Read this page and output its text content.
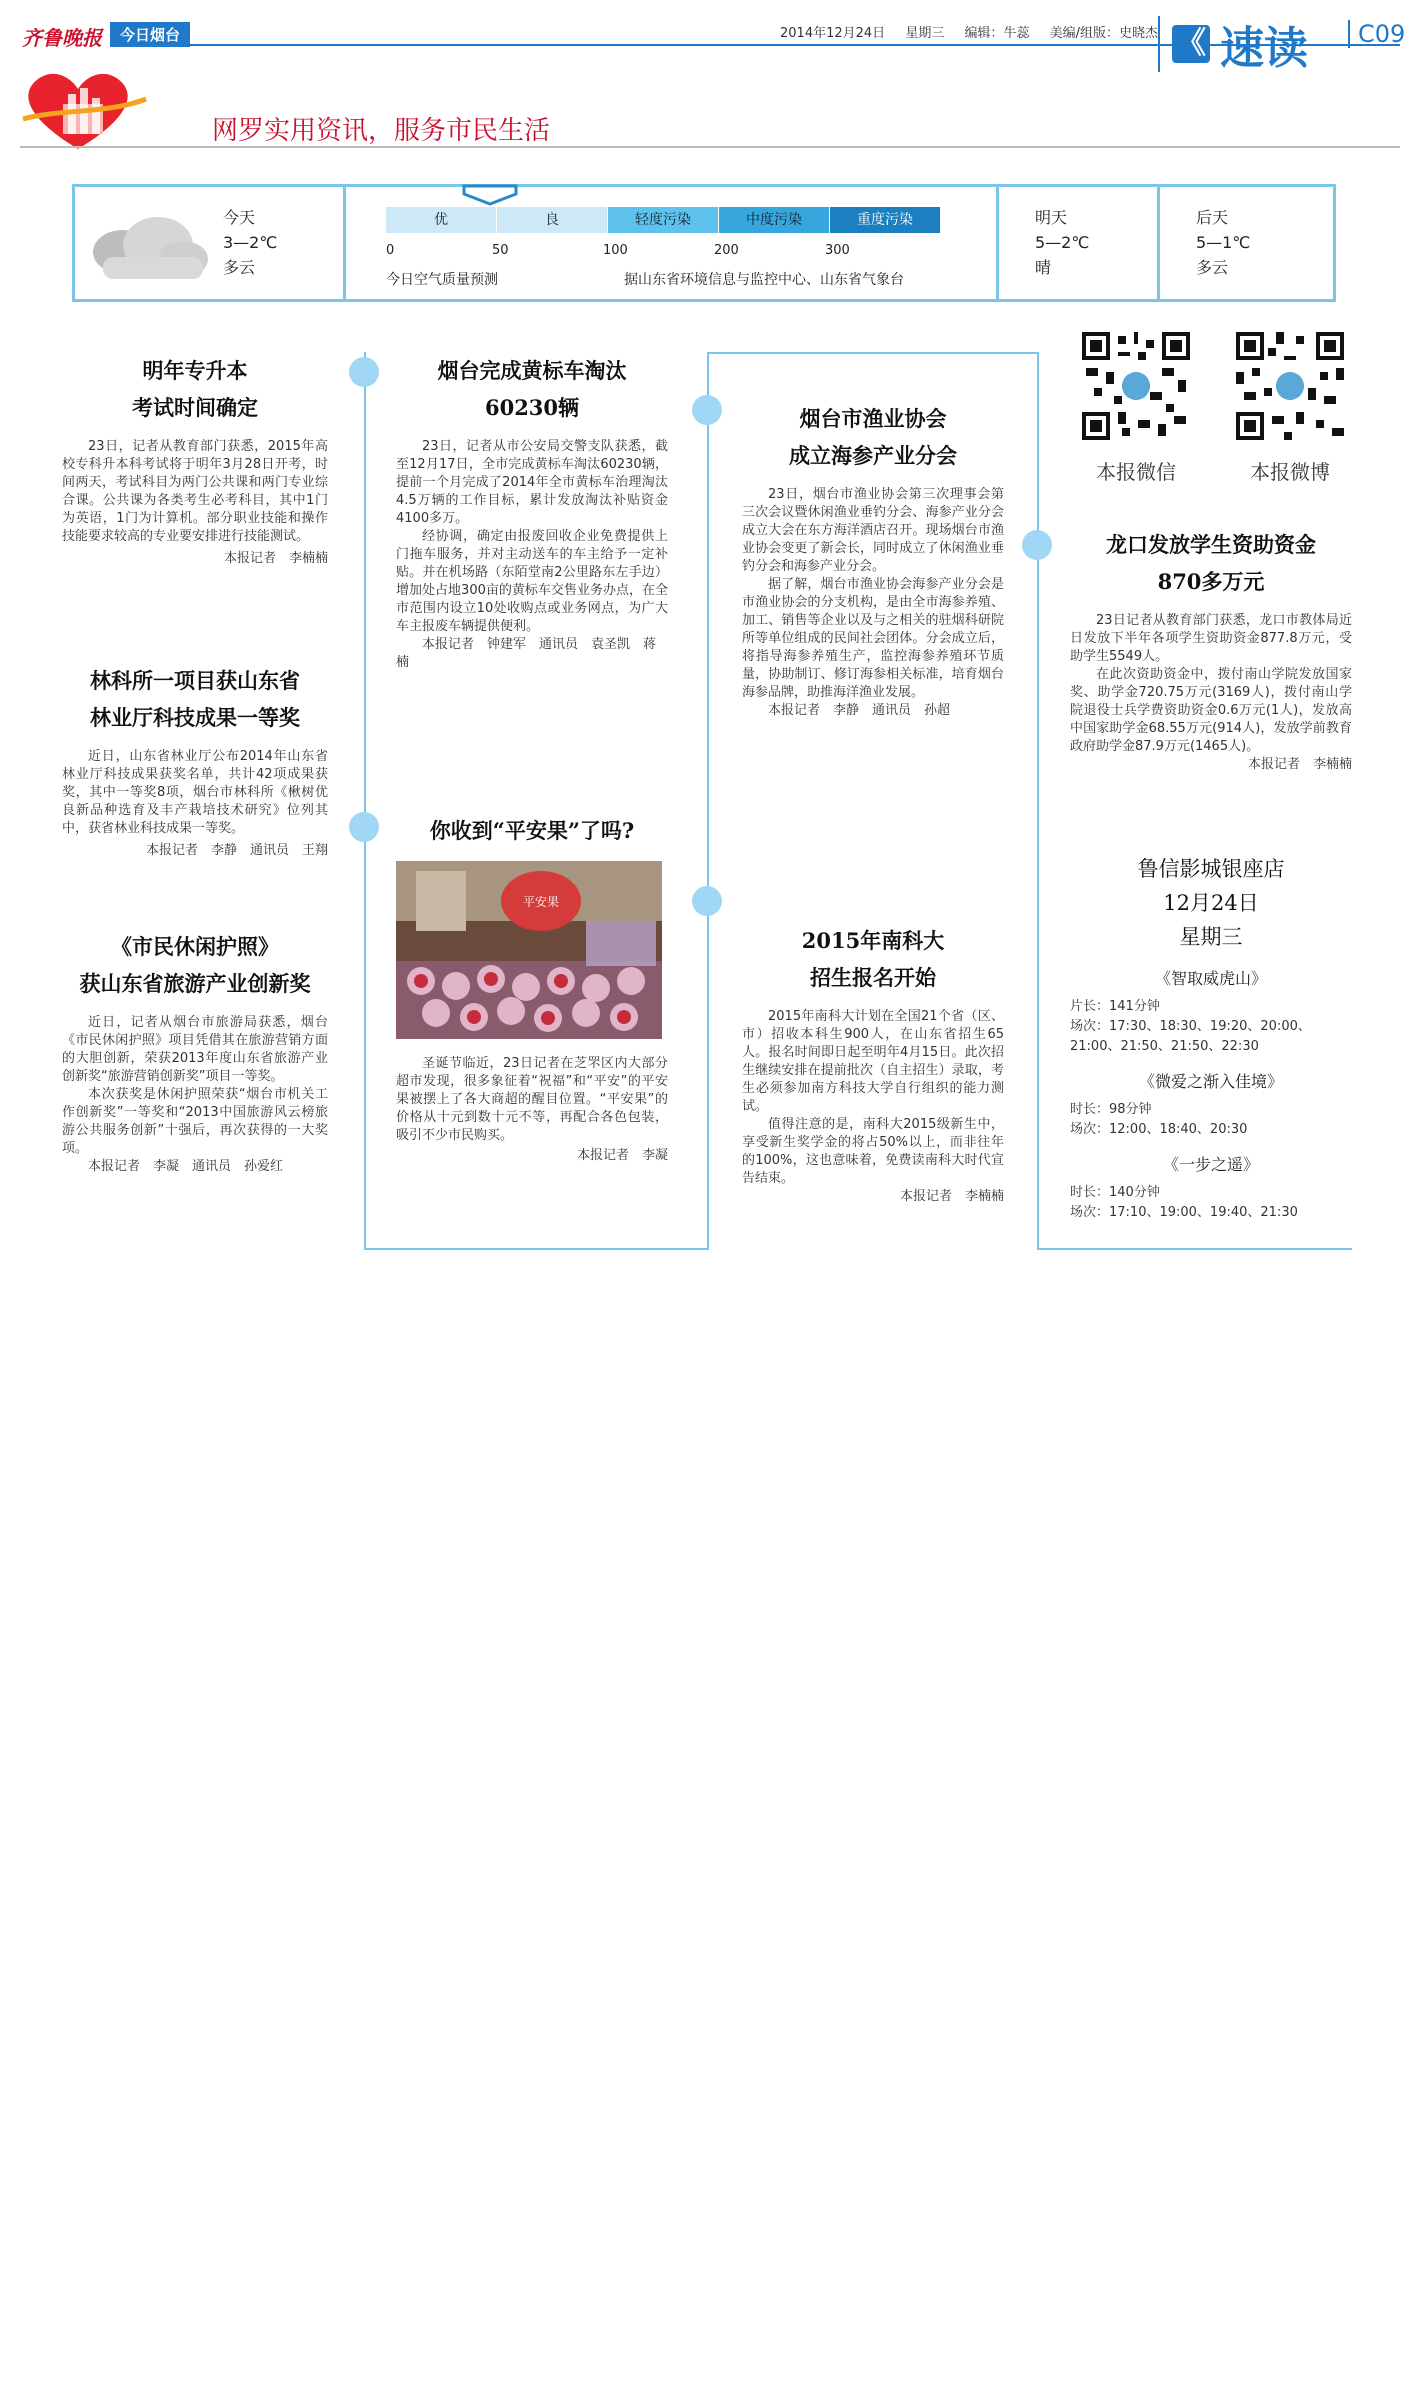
齐鲁晚报	今日烟台	2014年12月24日 星期三 编辑：牛蕊 美编/组版：史晓杰 《 速读	C09
网罗实用资讯，服务市民生活
今天
3—2℃
多云
优	良	轻度污染	中度污染	重度污染
0	50	100	200	300
今日空气质量预测	据山东省环境信息与监控中心、山东省气象台
明天
5—2℃
晴
后天
5—1℃
多云
明年专升本
考试时间确定

23日，记者从教育部门获悉，2015年高校专科升本科考试将于明年3月28日开考，时间两天，考试科目为两门公共课和两门专业综合课。公共课为各类考生必考科目，其中1门为英语，1门为计算机。部分职业技能和操作技能要求较高的专业要安排进行技能测试。

本报记者　李楠楠
林科所一项目获山东省
林业厅科技成果一等奖

近日，山东省林业厅公布2014年山东省林业厅科技成果获奖名单，共计42项成果获奖，其中一等奖8项，烟台市林科所《楸树优良新品种选育及丰产栽培技术研究》位列其中，获省林业科技成果一等奖。

本报记者　李静　通讯员　王翔
《市民休闲护照》
获山东省旅游产业创新奖

近日，记者从烟台市旅游局获悉，烟台《市民休闲护照》项目凭借其在旅游营销方面的大胆创新，荣获2013年度山东省旅游产业创新奖“旅游营销创新奖”项目一等奖。

本次获奖是休闲护照荣获“烟台市机关工作创新奖”一等奖和“2013中国旅游风云榜旅游公共服务创新”十强后，再次获得的一大奖项。

本报记者　李凝　通讯员　孙爱红
烟台完成黄标车淘汰
60230辆

23日，记者从市公安局交警支队获悉，截至12月17日，全市完成黄标车淘汰60230辆，提前一个月完成了2014年全市黄标车治理淘汰4.5万辆的工作目标，累计发放淘汰补贴资金4100多万。

经协调，确定由报废回收企业免费提供上门拖车服务，并对主动送车的车主给予一定补贴。并在机场路（东陌堂南2公里路东左手边）增加处占地300亩的黄标车交售业务办点，在全市范围内设立10处收购点或业务网点，为广大车主报废车辆提供便利。

本报记者　钟建军　通讯员　袁圣凯　蒋楠
你收到“平安果”了吗?
平安果

圣诞节临近，23日记者在芝罘区内大部分超市发现，很多象征着“祝福”和“平安”的平安果被摆上了各大商超的醒目位置。“平安果”的价格从十元到数十元不等，再配合各色包装，吸引不少市民购买。

本报记者　李凝
烟台市渔业协会
成立海参产业分会

23日，烟台市渔业协会第三次理事会第三次会议暨休闲渔业垂钓分会、海参产业分会成立大会在东方海洋酒店召开。现场烟台市渔业协会变更了新会长，同时成立了休闲渔业垂钓分会和海参产业分会。

据了解，烟台市渔业协会海参产业分会是市渔业协会的分支机构，是由全市海参养殖、加工、销售等企业以及与之相关的驻烟科研院所等单位组成的民间社会团体。分会成立后，将指导海参养殖生产，监控海参养殖环节质量，协助制订、修订海参相关标准，培育烟台海参品牌，助推海洋渔业发展。

本报记者　李静　通讯员　孙超
2015年南科大
招生报名开始

2015年南科大计划在全国21个省（区、市）招收本科生900人，在山东省招生65人。报名时间即日起至明年4月15日。此次招生继续安排在提前批次（自主招生）录取，考生必须参加南方科技大学自行组织的能力测试。

值得注意的是，南科大2015级新生中，享受新生奖学金的将占50%以上，而非往年的100%，这也意味着，免费读南科大时代宣告结束。

本报记者　李楠楠
本报微信	本报微博
龙口发放学生资助资金
870多万元

23日记者从教育部门获悉，龙口市教体局近日发放下半年各项学生资助资金877.8万元，受助学生5549人。

在此次资助资金中，拨付南山学院发放国家奖、助学金720.75万元(3169人)，拨付南山学院退役士兵学费资助资金0.6万元(1人)，发放高中国家助学金68.55万元(914人)，发放学前教育政府助学金87.9万元(1465人)。

本报记者　李楠楠
鲁信影城银座店
12月24日
星期三
《智取威虎山》
片长：141分钟
场次：17:30、18:30、19:20、20:00、21:00、21:50、21:50、22:30
《微爱之渐入佳境》
时长：98分钟
场次：12:00、18:40、20:30
《一步之遥》
时长：140分钟
场次：17:10、19:00、19:40、21:30
